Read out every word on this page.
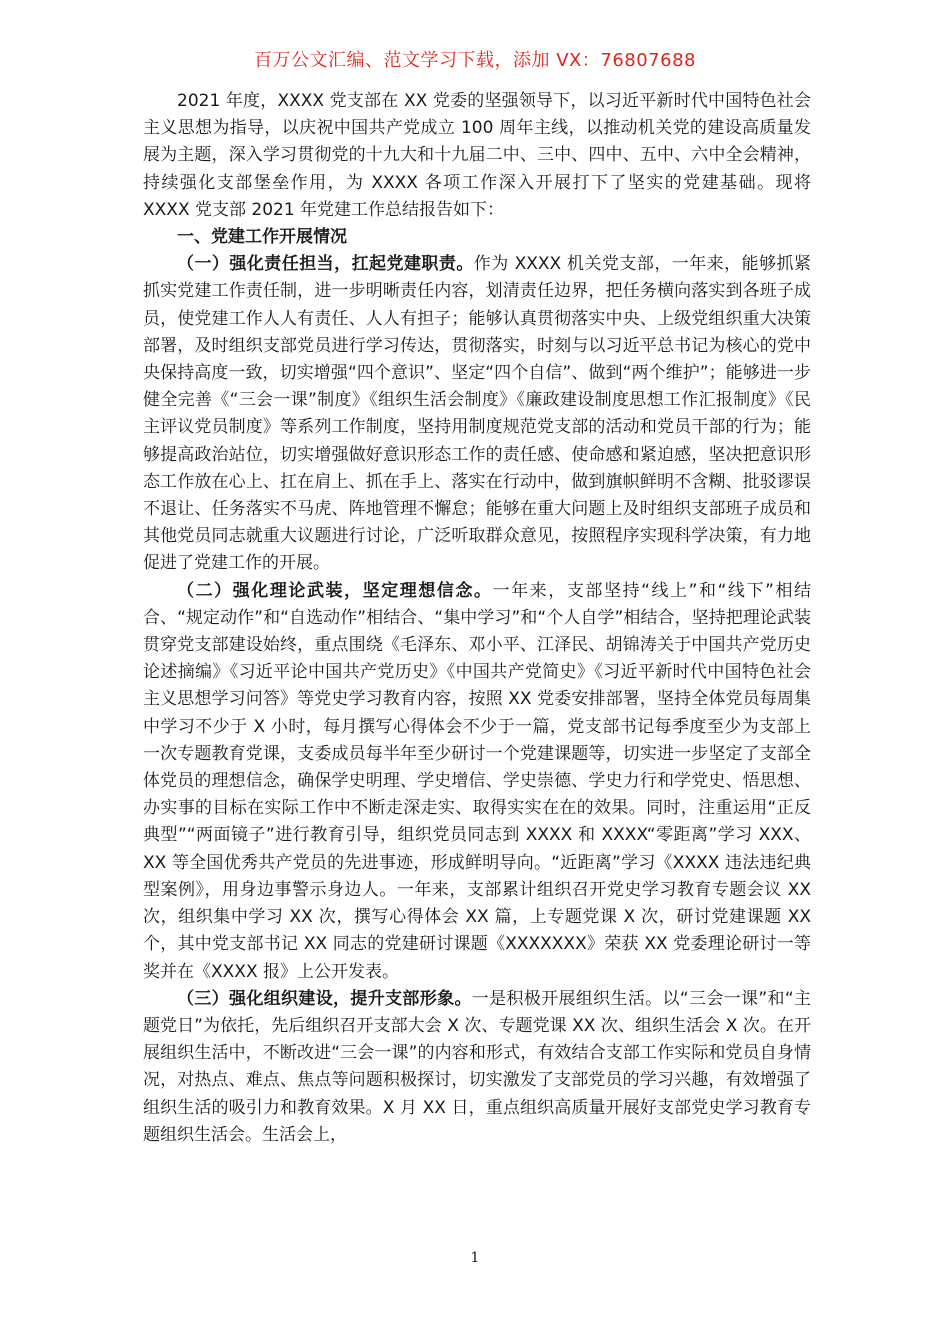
百万公文汇编、范文学习下载，添加 VX：76807688

2021 年度，XXXX 党支部在 XX 党委的坚强领导下，以习近平新时代中国特色社会主义思想为指导，以庆祝中国共产党成立 100 周年主线，以推动机关党的建设高质量发展为主题，深入学习贯彻党的十九大和十九届二中、三中、四中、五中、六中全会精神，持续强化支部堡垒作用，为 XXXX 各项工作深入开展打下了坚实的党建基础。现将 XXXX 党支部 2021 年党建工作总结报告如下：

一、党建工作开展情况

（一）强化责任担当，扛起党建职责。作为 XXXX 机关党支部，一年来，能够抓紧抓实党建工作责任制，进一步明晰责任内容，划清责任边界，把任务横向落实到各班子成员，使党建工作人人有责任、人人有担子；能够认真贯彻落实中央、上级党组织重大决策部署，及时组织支部党员进行学习传达，贯彻落实，时刻与以习近平总书记为核心的党中央保持高度一致，切实增强“四个意识”、坚定“四个自信”、做到“两个维护”；能够进一步健全完善《“三会一课”制度》《组织生活会制度》《廉政建设制度思想工作汇报制度》《民主评议党员制度》等系列工作制度，坚持用制度规范党支部的活动和党员干部的行为；能够提高政治站位，切实增强做好意识形态工作的责任感、使命感和紧迫感，坚决把意识形态工作放在心上、扛在肩上、抓在手上、落实在行动中，做到旗帜鲜明不含糊、批驳谬误不退让、任务落实不马虎、阵地管理不懈怠；能够在重大问题上及时组织支部班子成员和其他党员同志就重大议题进行讨论，广泛听取群众意见，按照程序实现科学决策，有力地促进了党建工作的开展。

（二）强化理论武装，坚定理想信念。一年来，支部坚持“线上”和“线下”相结合、“规定动作”和“自选动作”相结合、“集中学习”和“个人自学”相结合，坚持把理论武装贯穿党支部建设始终，重点围绕《毛泽东、邓小平、江泽民、胡锦涛关于中国共产党历史论述摘编》《习近平论中国共产党历史》《中国共产党简史》《习近平新时代中国特色社会主义思想学习问答》等党史学习教育内容，按照 XX 党委安排部署，坚持全体党员每周集中学习不少于 X 小时，每月撰写心得体会不少于一篇，党支部书记每季度至少为支部上一次专题教育党课，支委成员每半年至少研讨一个党建课题等，切实进一步坚定了支部全体党员的理想信念，确保学史明理、学史增信、学史崇德、学史力行和学党史、悟思想、办实事的目标在实际工作中不断走深走实、取得实实在在的效果。同时，注重运用“正反典型”“两面镜子”进行教育引导，组织党员同志到 XXXX 和 XXXX“零距离”学习 XXX、XX 等全国优秀共产党员的先进事迹，形成鲜明导向。“近距离”学习《XXXX 违法违纪典型案例》，用身边事警示身边人。一年来，支部累计组织召开党史学习教育专题会议 XX 次，组织集中学习 XX 次，撰写心得体会 XX 篇，上专题党课 X 次，研讨党建课题 XX 个，其中党支部书记 XX 同志的党建研讨课题《XXXXXXX》荣获 XX 党委理论研讨一等奖并在《XXXX 报》上公开发表。

（三）强化组织建设，提升支部形象。一是积极开展组织生活。以“三会一课”和“主题党日”为依托，先后组织召开支部大会 X 次、专题党课 XX 次、组织生活会 X 次。在开展组织生活中，不断改进“三会一课”的内容和形式，有效结合支部工作实际和党员自身情况，对热点、难点、焦点等问题积极探讨，切实激发了支部党员的学习兴趣，有效增强了组织生活的吸引力和教育效果。X 月 XX 日，重点组织高质量开展好支部党史学习教育专题组织生活会。生活会上，

1
